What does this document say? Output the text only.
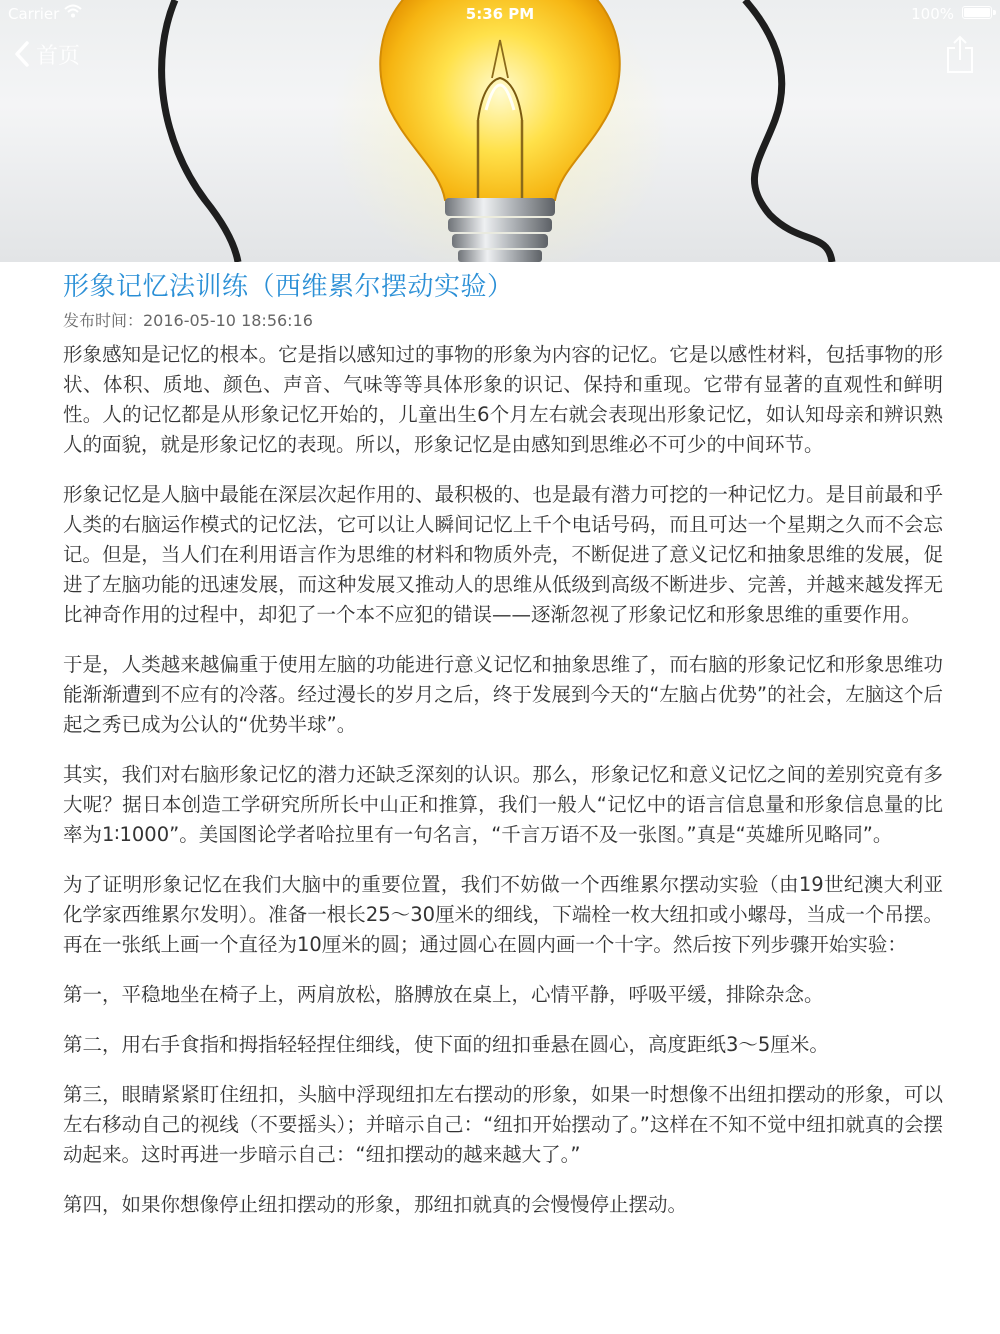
Carrier	5:36 PM	100%
首页
形象记忆法训练（西维累尔摆动实验）
发布时间：2016-05-10 18:56:16

形象感知是记忆的根本。它是指以感知过的事物的形象为内容的记忆。它是以感性材料，包括事物的形状、体积、质地、颜色、声音、气味等等具体形象的识记、保持和重现。它带有显著的直观性和鲜明性。人的记忆都是从形象记忆开始的，儿童出生6个月左右就会表现出形象记忆，如认知母亲和辨识熟人的面貌，就是形象记忆的表现。所以，形象记忆是由感知到思维必不可少的中间环节。

形象记忆是人脑中最能在深层次起作用的、最积极的、也是最有潜力可挖的一种记忆力。是目前最和乎人类的右脑运作模式的记忆法，它可以让人瞬间记忆上千个电话号码，而且可达一个星期之久而不会忘记。但是，当人们在利用语言作为思维的材料和物质外壳，不断促进了意义记忆和抽象思维的发展，促进了左脑功能的迅速发展，而这种发展又推动人的思维从低级到高级不断进步、完善，并越来越发挥无比神奇作用的过程中，却犯了一个本不应犯的错误——逐渐忽视了形象记忆和形象思维的重要作用。

于是，人类越来越偏重于使用左脑的功能进行意义记忆和抽象思维了，而右脑的形象记忆和形象思维功能渐渐遭到不应有的冷落。经过漫长的岁月之后，终于发展到今天的“左脑占优势”的社会，左脑这个后起之秀已成为公认的“优势半球”。

其实，我们对右脑形象记忆的潜力还缺乏深刻的认识。那么，形象记忆和意义记忆之间的差别究竟有多大呢？据日本创造工学研究所所长中山正和推算，我们一般人“记忆中的语言信息量和形象信息量的比率为1∶1000”。美国图论学者哈拉里有一句名言，“千言万语不及一张图。”真是“英雄所见略同”。

为了证明形象记忆在我们大脑中的重要位置，我们不妨做一个西维累尔摆动实验（由19世纪澳大利亚化学家西维累尔发明）。准备一根长25～30厘米的细线，下端栓一枚大纽扣或小螺母，当成一个吊摆。再在一张纸上画一个直径为10厘米的圆；通过圆心在圆内画一个十字。然后按下列步骤开始实验：

第一，平稳地坐在椅子上，两肩放松，胳膊放在桌上，心情平静，呼吸平缓，排除杂念。

第二，用右手食指和拇指轻轻捏住细线，使下面的纽扣垂悬在圆心，高度距纸3～5厘米。

第三，眼睛紧紧盯住纽扣，头脑中浮现纽扣左右摆动的形象，如果一时想像不出纽扣摆动的形象，可以左右移动自己的视线（不要摇头）；并暗示自己：“纽扣开始摆动了。”这样在不知不觉中纽扣就真的会摆动起来。这时再进一步暗示自己：“纽扣摆动的越来越大了。”

第四，如果你想像停止纽扣摆动的形象，那纽扣就真的会慢慢停止摆动。
